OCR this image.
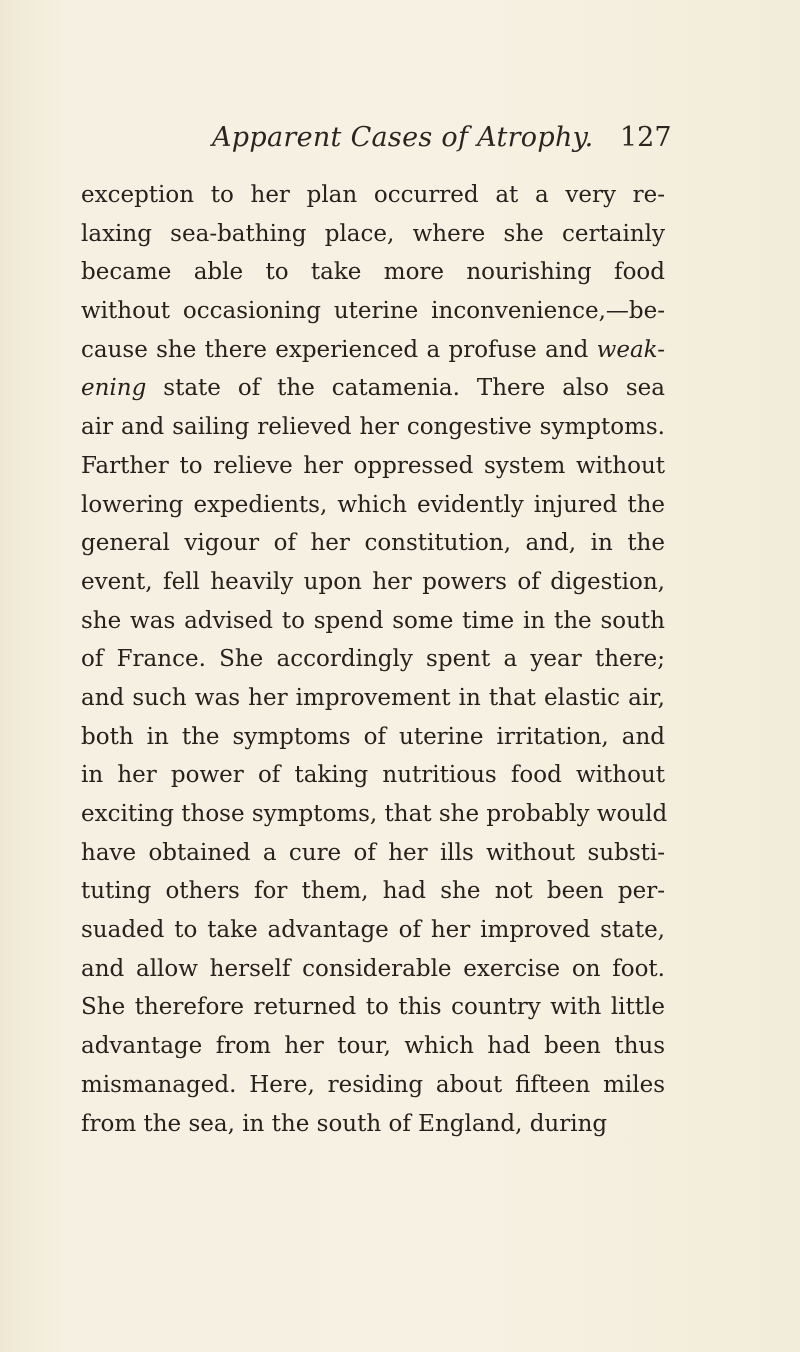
Apparent Cases of Atrophy. 127
exception to her plan occurred at a very re-
laxing sea-bathing place, where she certainly
became able to take more nourishing food
without occasioning uterine inconvenience,—be-
cause she there experienced a profuse and weak-
ening state of the catamenia. There also sea
air and sailing relieved her congestive symptoms.
Farther to relieve her oppressed system without
lowering expedients, which evidently injured the
general vigour of her constitution, and, in the
event, fell heavily upon her powers of digestion,
she was advised to spend some time in the south
of France. She accordingly spent a year there;
and such was her improvement in that elastic air,
both in the symptoms of uterine irritation, and
in her power of taking nutritious food without
exciting those symptoms, that she probably would
have obtained a cure of her ills without substi-
tuting others for them, had she not been per-
suaded to take advantage of her improved state,
and allow herself considerable exercise on foot.
She therefore returned to this country with little
advantage from her tour, which had been thus
mismanaged. Here, residing about fifteen miles
from the sea, in the south of England, during
